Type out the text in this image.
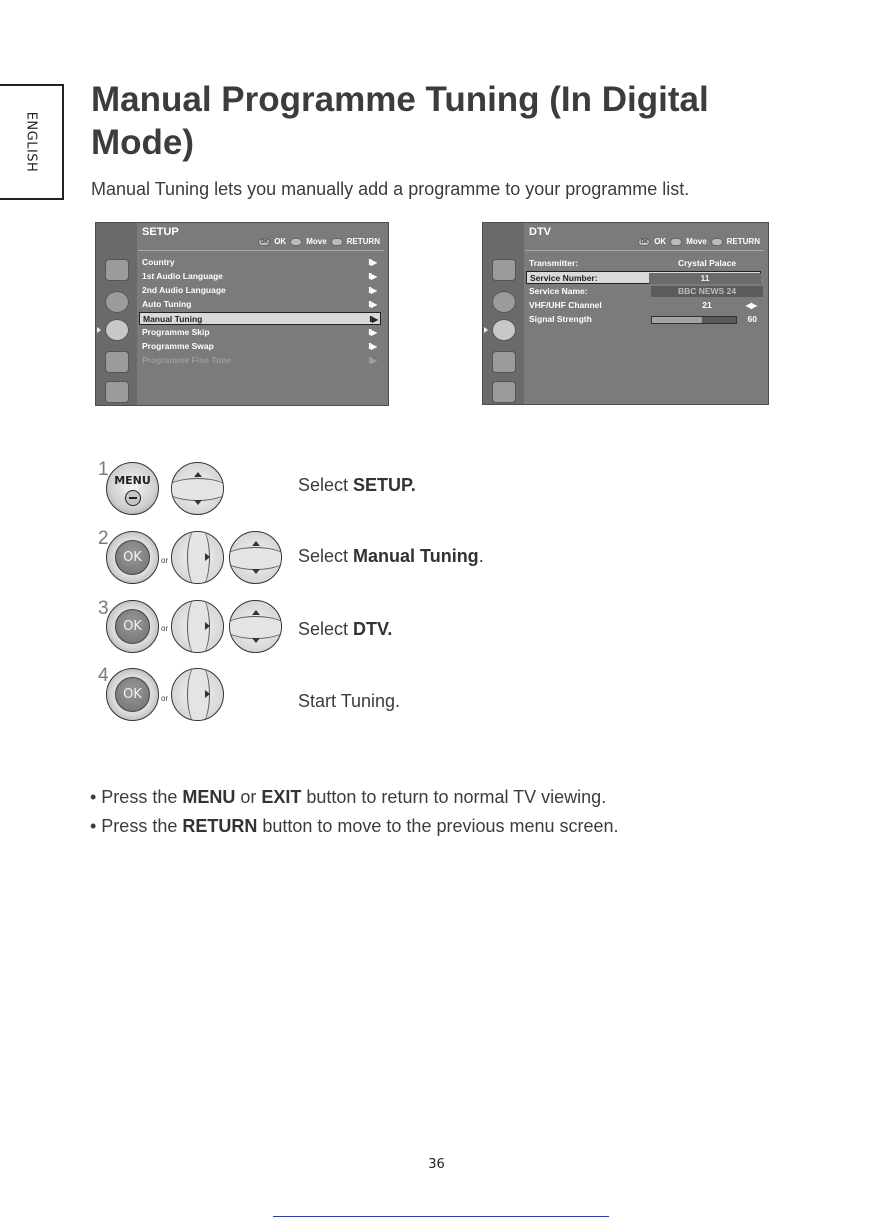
ENGLISH
Manual Programme Tuning (In Digital Mode)

Manual Tuning lets you manually add a programme to your programme list.

SETUP
OK OK	Move	RETURN
Country	II▶
1st Audio Language	II▶
2nd Audio Language	II▶
Auto Tuning	II▶
Manual Tuning	II▶
Programme Skip	II▶
Programme Swap	II▶
Programme Fine Tune	II▶
DTV
OK OK	Move	RETURN
Transmitter:	Crystal Palace
Service Number:	11
Service Name:	BBC NEWS 24
VHF/UHF Channel	21	◀▶
Signal Strength	60
1
MENU	Select SETUP.
2
OK	or	Select Manual Tuning.
3
OK	or	Select DTV.
4
OK	or	Start Tuning.
• Press the MENU or EXIT button to return to normal TV viewing.
• Press the RETURN button to move to the previous menu screen.
36
